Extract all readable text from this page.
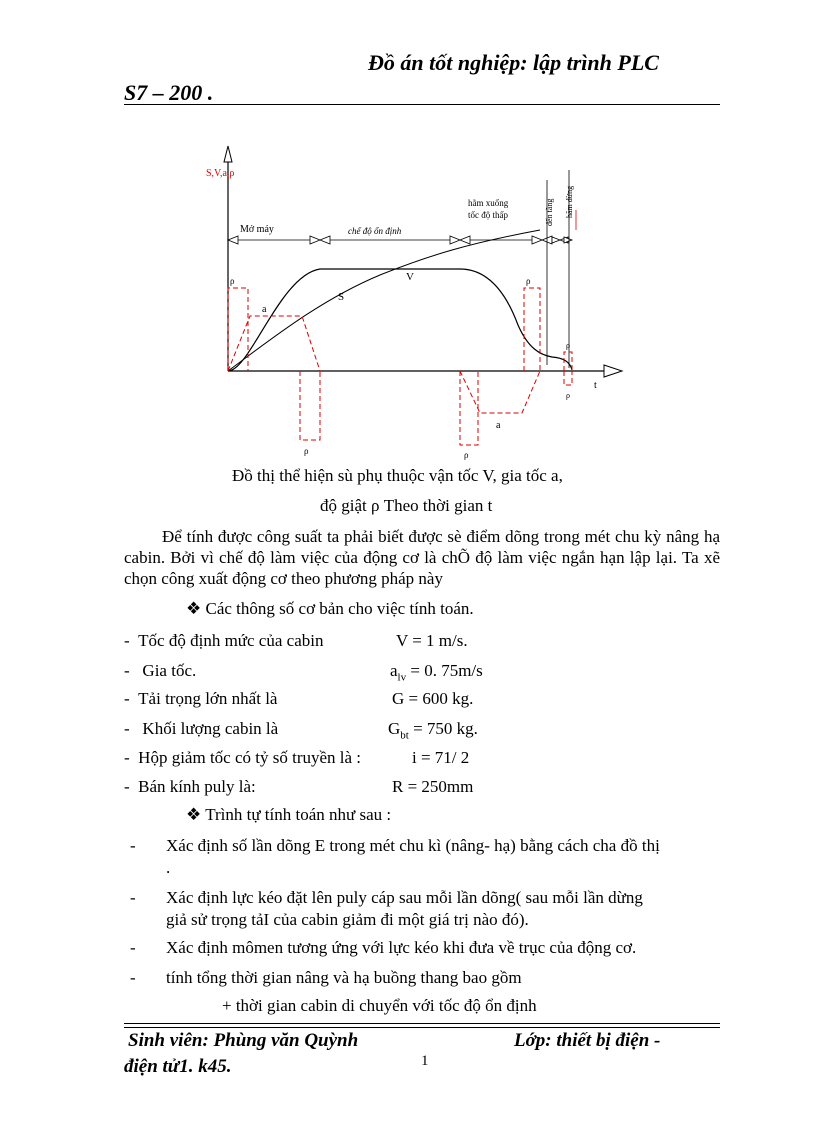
Đồ án tốt nghiệp: lập trình PLC
S7 – 200 .
S,V,a,ρ
t
Mở máy	chế độ ổn định
hãm xuống
tốc độ thấp	đến tầng hãm dừng
V
S
a
a
ρ
ρ	ρ
ρ
ρ
ρ
Đồ thị thể hiện sù phụ thuộc vận tốc V, gia tốc a,
độ giật ρ Theo thời gian t

Để tính được công suất ta phải biết được sè điểm dõng trong mét chu kỳ nâng hạ cabin. Bởi vì chế độ làm việc của động cơ là chÕ độ làm việc ngắn hạn lập lại. Ta xẽ chọn công xuất động cơ theo phương pháp này

❖ Các thông số cơ bản cho việc tính toán.
- Tốc độ định mức của cabin	V = 1 m/s.
- Gia tốc.	$a_{lv} = 0$. 75m/s
- Tải trọng lớn nhất là	G = 600 kg.
- Khối lượng cabin là	$G_{bt} = 750$ kg.
- Hộp giảm tốc có tỷ số truyền là :	i = 71/ 2
- Bán kính puly là:	R = 250mm
❖ Trình tự tính toán như sau :
- Xác định số lần dõng E trong mét chu kì (nâng- hạ) bằng cách cha đồ thị
.
- Xác định lực kéo đặt lên puly cáp sau mỗi lần dõng( sau mỗi lần dừng
giả sử trọng tảI của cabin giảm đi một giá trị nào đó).
- Xác định mômen tương ứng với lực kéo khi đưa về trục của động cơ.
- tính tổng thời gian nâng và hạ buồng thang bao gồm
+ thời gian cabin di chuyển với tốc độ ổn định
Sinh viên: Phùng văn Quỳnh	Lớp: thiết bị điện -
điện tử1. k45.	1
